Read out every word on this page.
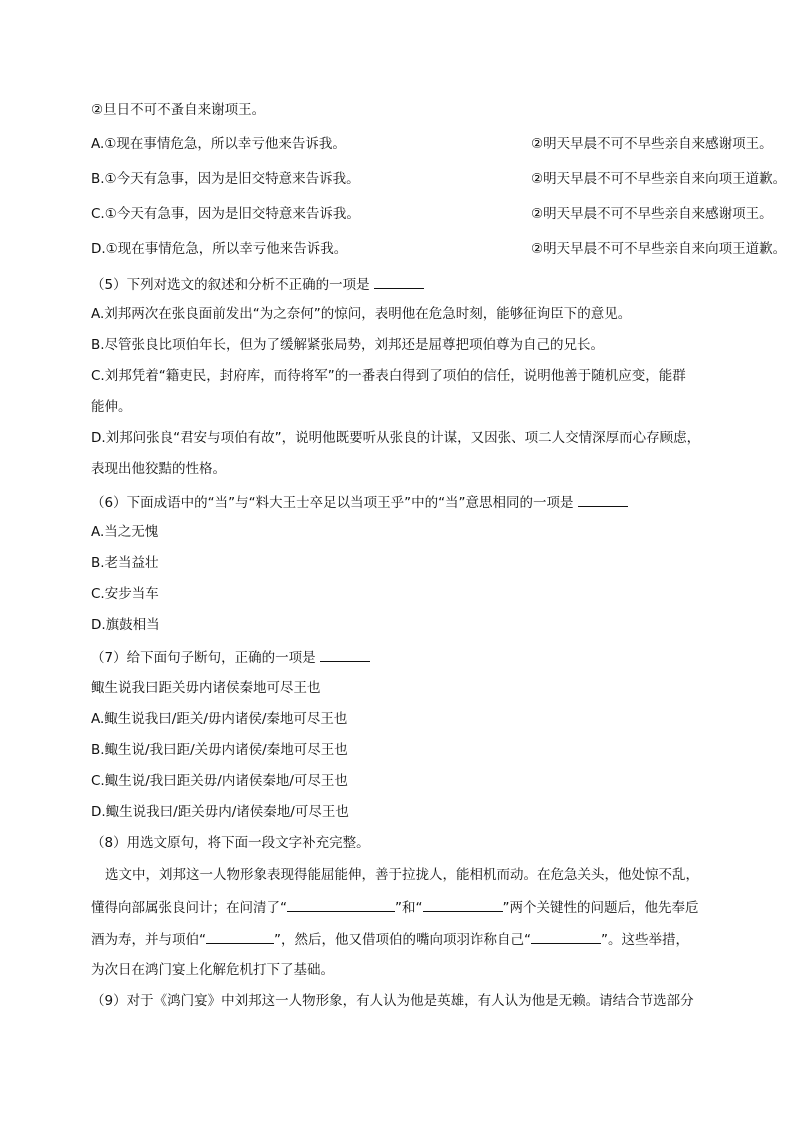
②旦日不可不蚤自来谢项王。
A.①现在事情危急，所以幸亏他来告诉我。	②明天早晨不可不早些亲自来感谢项王。
B.①今天有急事，因为是旧交特意来告诉我。	②明天早晨不可不早些亲自来向项王道歉。
C.①今天有急事，因为是旧交特意来告诉我。	②明天早晨不可不早些亲自来感谢项王。
D.①现在事情危急，所以幸亏他来告诉我。	②明天早晨不可不早些亲自来向项王道歉。
（5）下列对选文的叙述和分析不正确的一项是
A.刘邦两次在张良面前发出“为之奈何”的惊问，表明他在危急时刻，能够征询臣下的意见。
B.尽管张良比项伯年长，但为了缓解紧张局势，刘邦还是屈尊把项伯尊为自己的兄长。
C.刘邦凭着“籍吏民，封府库，而待将军”的一番表白得到了项伯的信任，说明他善于随机应变，能群
能伸。
D.刘邦问张良“君安与项伯有故”，说明他既要听从张良的计谋，又因张、项二人交情深厚而心存顾虑，
表现出他狡黠的性格。
（6）下面成语中的“当”与“料大王士卒足以当项王乎”中的“当”意思相同的一项是
A.当之无愧
B.老当益壮
C.安步当车
D.旗鼓相当
（7）给下面句子断句，正确的一项是
鲰生说我曰距关毋内诸侯秦地可尽王也
A.鲰生说我曰/距关/毋内诸侯/秦地可尽王也
B.鲰生说/我曰距/关毋内诸侯/秦地可尽王也
C.鲰生说/我曰距关毋/内诸侯秦地/可尽王也
D.鲰生说我曰/距关毋内/诸侯秦地/可尽王也
（8）用选文原句，将下面一段文字补充完整。
选文中，刘邦这一人物形象表现得能屈能伸，善于拉拢人，能相机而动。在危急关头，他处惊不乱，
懂得向部属张良问计；在问清了“	”和“	”两个关键性的问题后，他先奉卮
酒为寿，并与项伯“	”，然后，他又借项伯的嘴向项羽诈称自己“	”。这些举措，
为次日在鸿门宴上化解危机打下了基础。
（9）对于《鸿门宴》中刘邦这一人物形象，有人认为他是英雄，有人认为他是无赖。请结合节选部分
